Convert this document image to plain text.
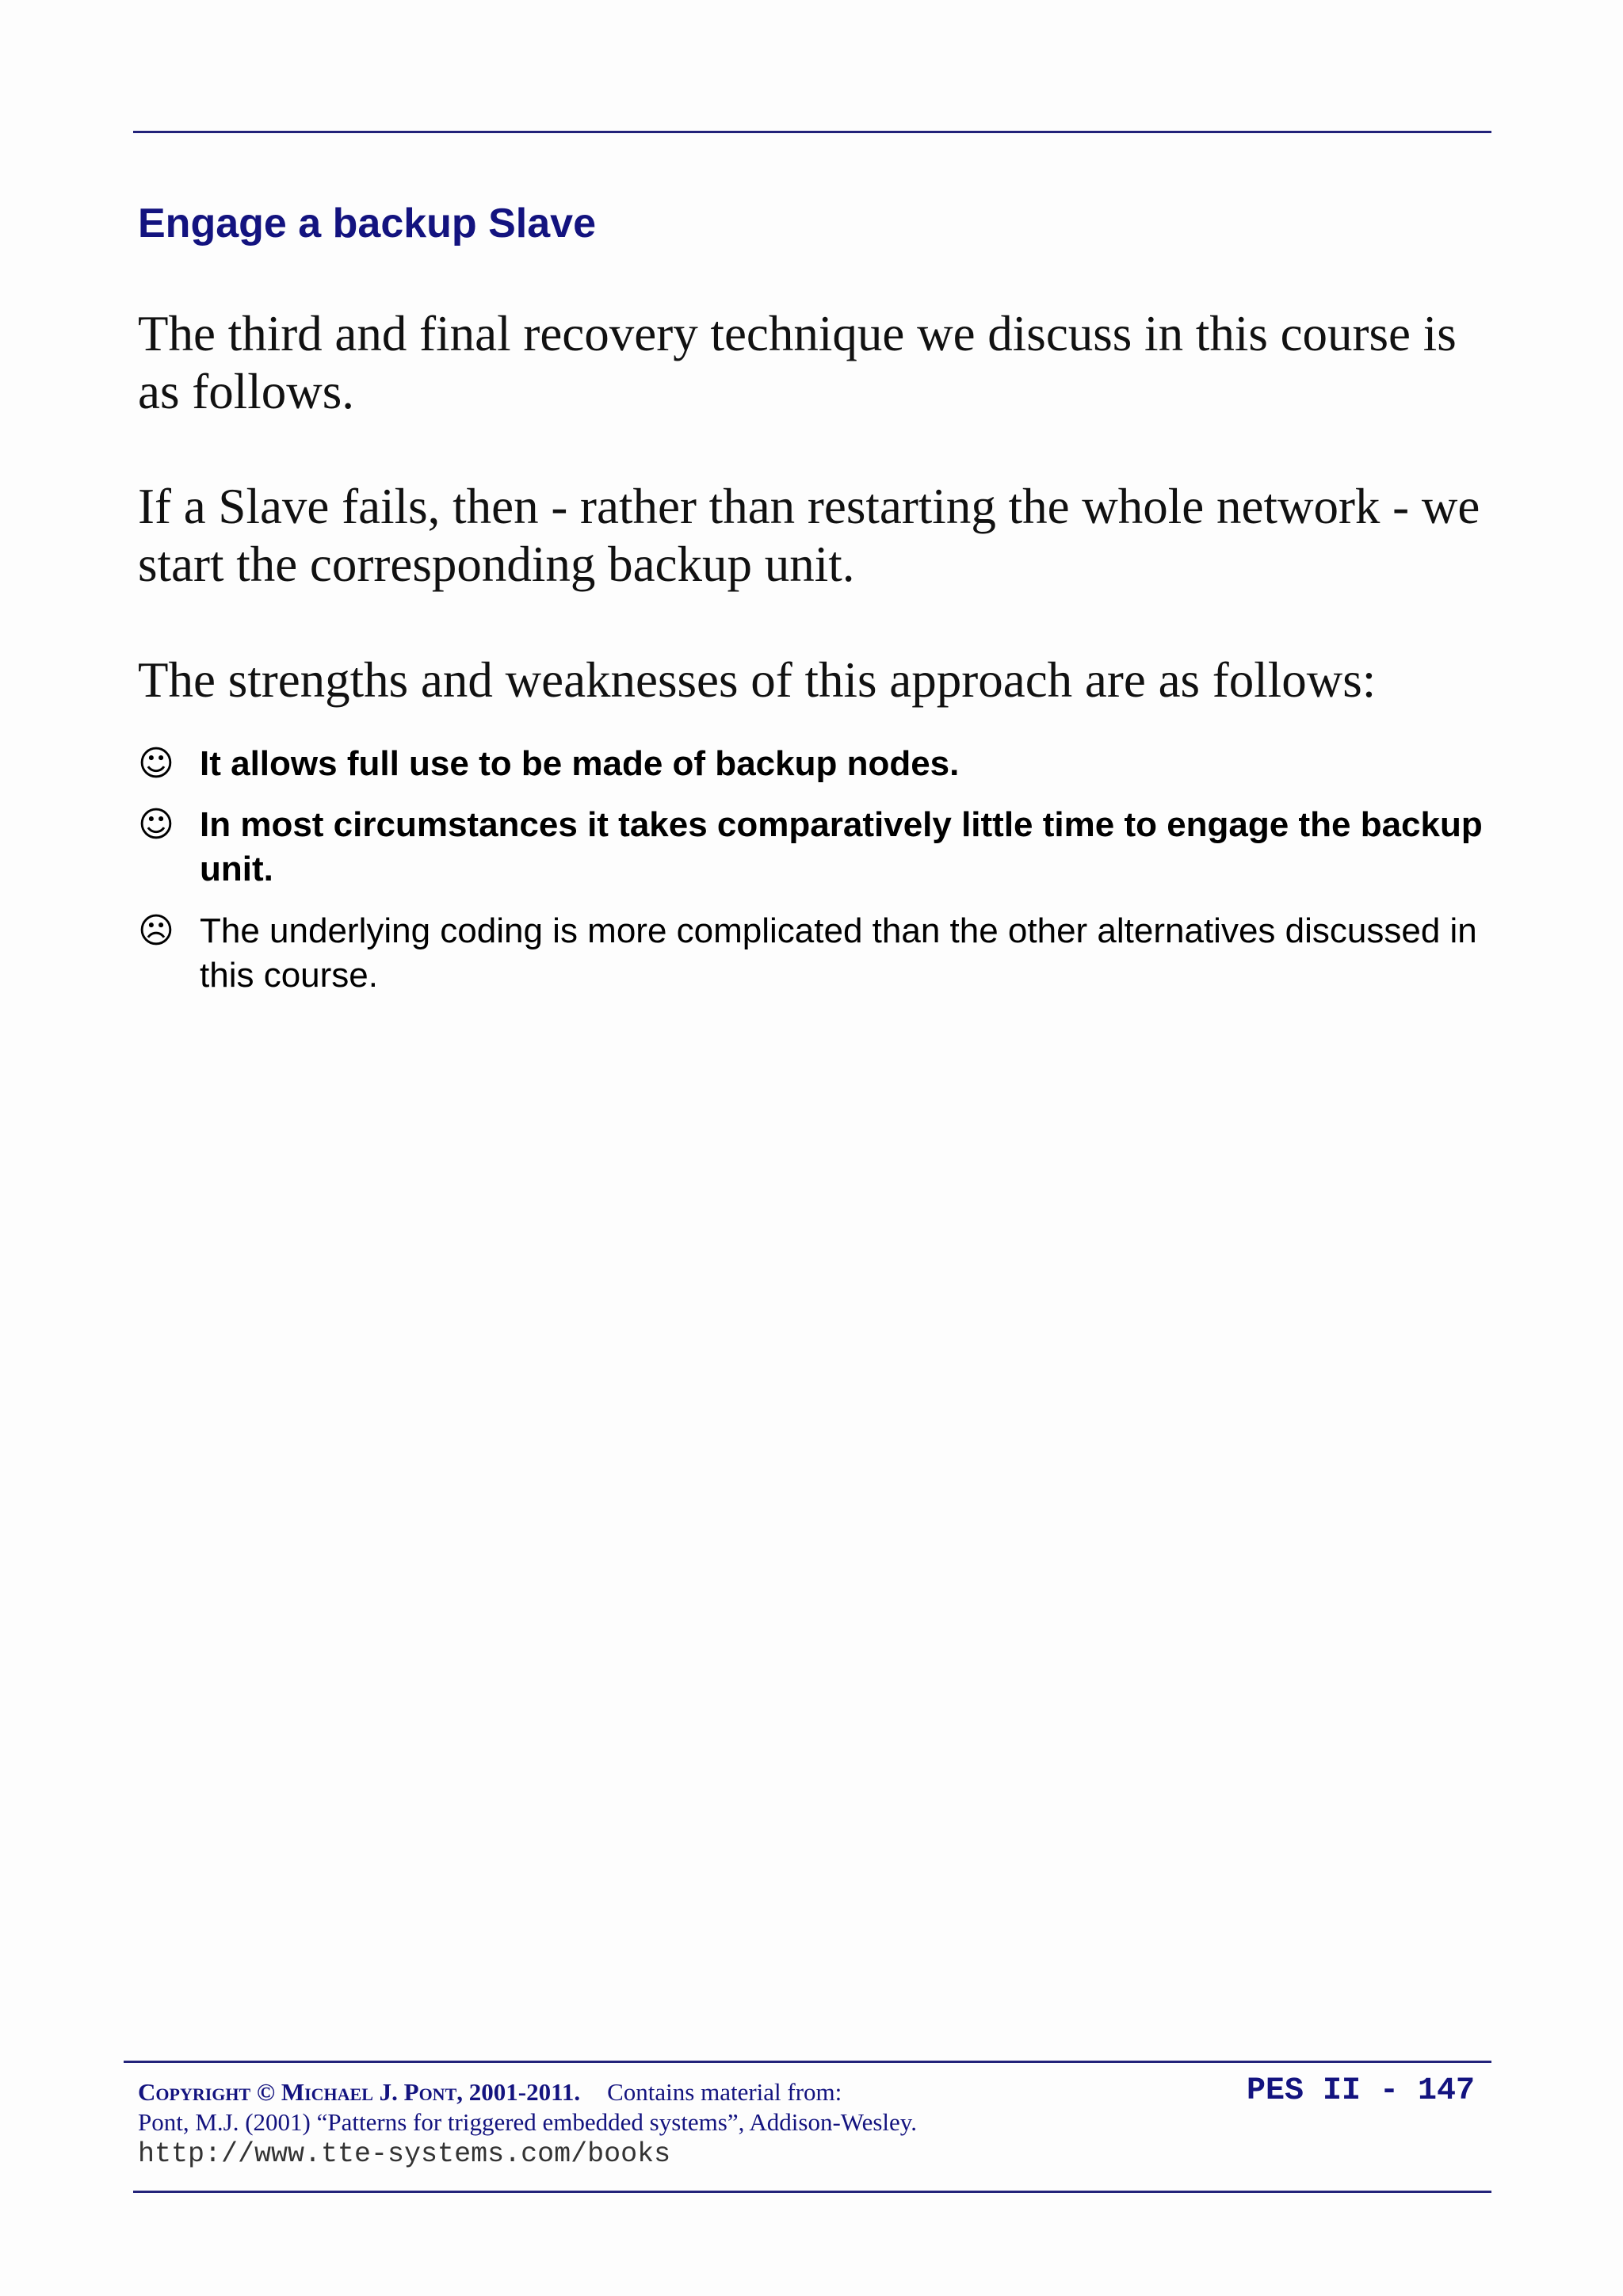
Engage a backup Slave

The third and final recovery technique we discuss in this course is as follows.

If a Slave fails, then - rather than restarting the whole network - we start the corresponding backup unit.

The strengths and weaknesses of this approach are as follows:

☺ It allows full use to be made of backup nodes.
☺ In most circumstances it takes comparatively little time to engage the backup unit.
☹ The underlying coding is more complicated than the other alternatives discussed in this course.
Copyright © Michael J. Pont, 2001-2011. Contains material from:
Pont, M.J. (2001) “Patterns for triggered embedded systems”, Addison-Wesley.
http://www.tte-systems.com/books
PES II - 147
